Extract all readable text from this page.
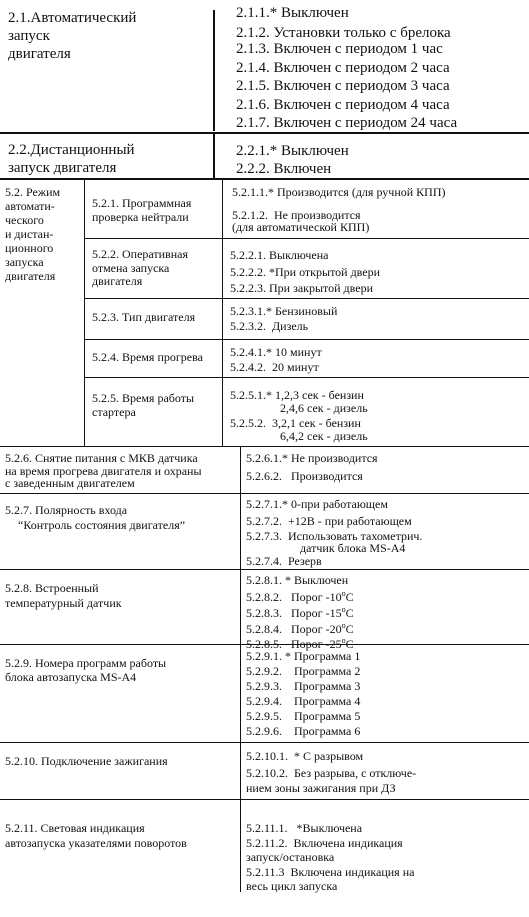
2.1.Автоматический
запуск
двигателя
2.1.1.* Выключен
2.1.2. Установки только с брелока
2.1.3. Включен с периодом 1 час
2.1.4. Включен с периодом 2 часа
2.1.5. Включен с периодом 3 часа
2.1.6. Включен с периодом 4 часа
2.1.7. Включен с периодом 24 часа
2.2.Дистанционный
запуск двигателя
2.2.1.* Выключен
2.2.2. Включен
5.2. Режим
автомати-
ческого
и дистан-
ционного
запуска
двигателя
5.2.1. Программная
проверка нейтрали
5.2.1.1.* Производится (для ручной КПП)
5.2.1.2.  Не производится
(для автоматической КПП)
5.2.2. Оперативная
отмена запуска
двигателя
5.2.2.1. Выключена
5.2.2.2. *При открытой двери
5.2.2.3. При закрытой двери
5.2.3. Тип двигателя	5.2.3.1.* Бензиновый
5.2.3.2.  Дизель
5.2.4. Время прогрева 5.2.4.1.* 10 минут
5.2.4.2.  20 минут
5.2.5. Время работы
стартера
5.2.5.1.* 1,2,3 сек - бензин
2,4,6 сек - дизель
5.2.5.2.  3,2,1 сек - бензин
6,4,2 сек - дизель
5.2.6. Снятие питания с МКВ датчика
на время прогрева двигателя и охраны
с заведенным двигателем
5.2.6.1.* Не производится
5.2.6.2.   Производится
5.2.7. Полярность входа
“Контроль состояния двигателя”
5.2.7.1.* 0-при работающем
5.2.7.2.  +12В - при работающем
5.2.7.3.  Использовать тахометрич.
датчик блока MS-A4
5.2.7.4.  Резерв
5.2.8. Встроенный
температурный датчик
5.2.8.1. * Выключен
5.2.8.2.   Порог -10$^o$C
5.2.8.3.   Порог -15$^o$C
5.2.8.4.   Порог -20$^o$C
5.2.8.5.   Порог -25$^o$C
5.2.9. Номера программ работы
блока автозапуска MS-A4
5.2.9.1. * Программа 1
5.2.9.2.    Программа 2
5.2.9.3.    Программа 3
5.2.9.4.    Программа 4
5.2.9.5.    Программа 5
5.2.9.6.    Программа 6
5.2.10. Подключение зажигания	5.2.10.1.  * С разрывом
5.2.10.2.  Без разрыва, с отключе-
нием зоны зажигания при ДЗ
5.2.11. Световая индикация
автозапуска указателями поворотов
5.2.11.1.   *Выключена
5.2.11.2.  Включена индикация
запуск/остановка
5.2.11.3  Включена индикация на
весь цикл запуска
